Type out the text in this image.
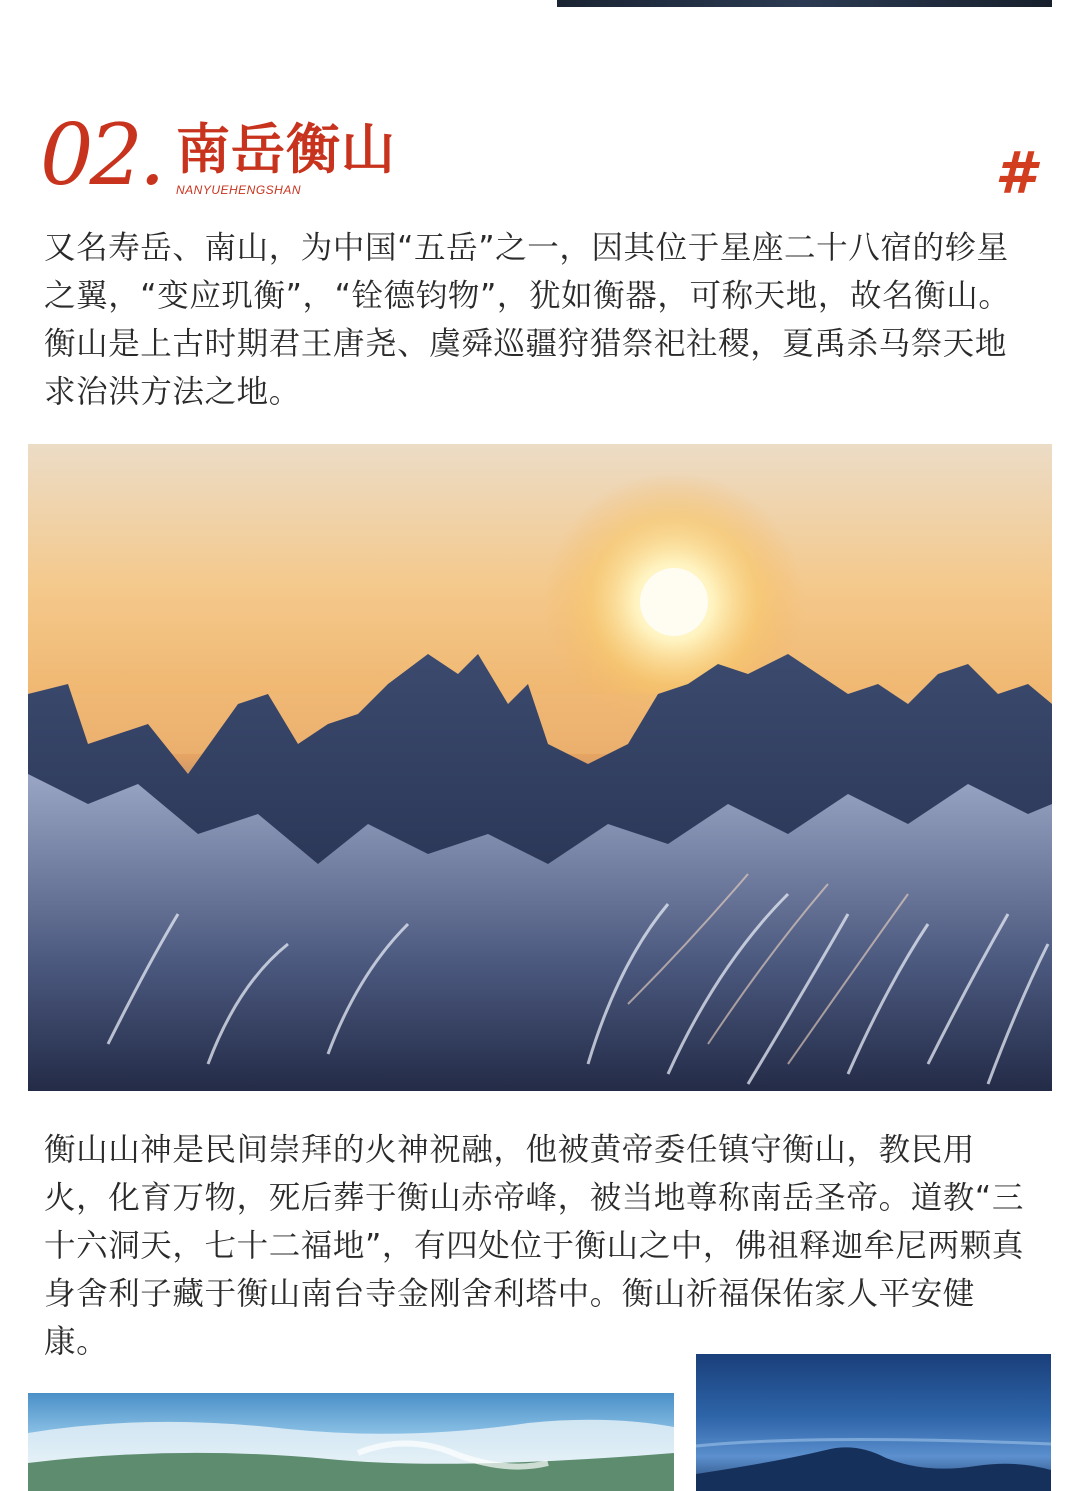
02. 南岳衡山
NANYUEHENGSHAN	#

又名寿岳、南山，为中国“五岳”之一，因其位于星座二十八宿的轸星之翼，“变应玑衡”，“铨德钧物”，犹如衡器，可称天地，故名衡山。 衡山是上古时期君王唐尧、虞舜巡疆狩猎祭祀社稷，夏禹杀马祭天地求治洪方法之地。

衡山山神是民间崇拜的火神祝融，他被黄帝委任镇守衡山，教民用火，化育万物，死后葬于衡山赤帝峰，被当地尊称南岳圣帝。道教“三十六洞天，七十二福地”，有四处位于衡山之中，佛祖释迦牟尼两颗真身舍利子藏于衡山南台寺金刚舍利塔中。衡山祈福保佑家人平安健康。
